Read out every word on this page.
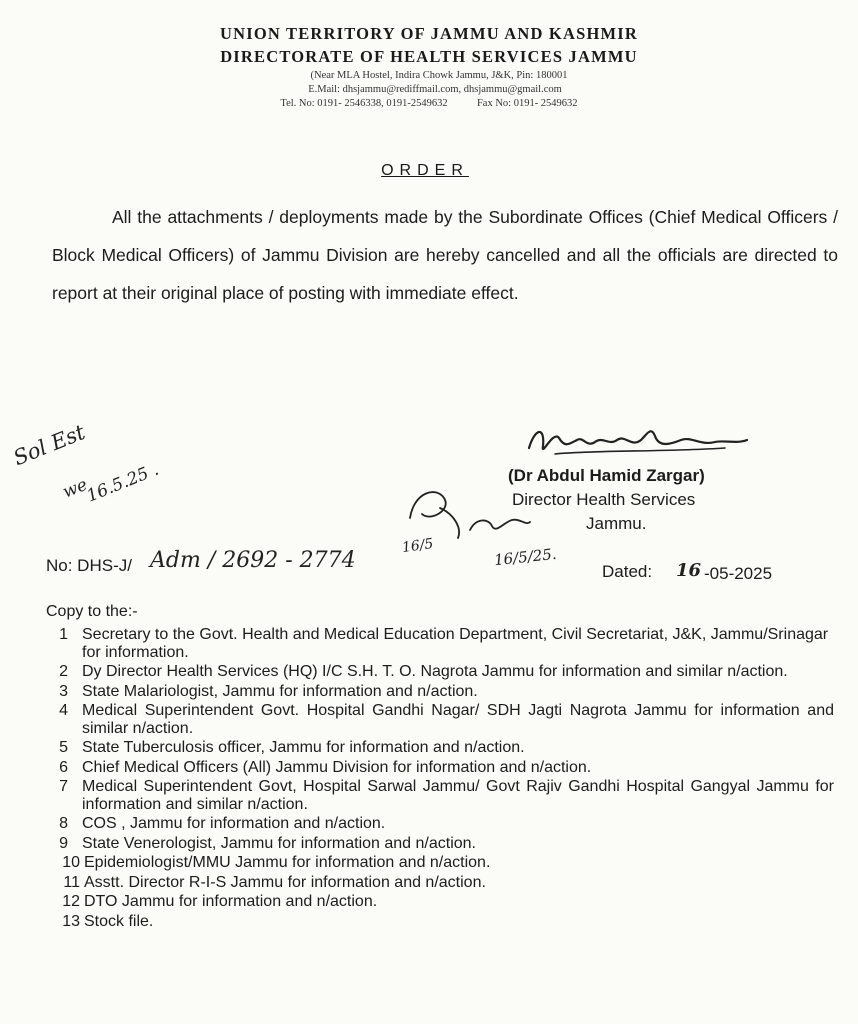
UNION TERRITORY OF JAMMU AND KASHMIR
DIRECTORATE OF HEALTH SERVICES JAMMU
(Near MLA Hostel, Indira Chowk Jammu, J&K, Pin: 180001
E.Mail: dhsjammu@rediffmail.com, dhsjammu@gmail.com
Tel. No: 0191- 2546338, 0191-2549632	Fax No: 0191- 2549632
ORDER
All the attachments / deployments made by the Subordinate Offices (Chief Medical Officers / Block Medical Officers) of Jammu Division are hereby cancelled and all the officials are directed to report at their original place of posting with immediate effect.
Sol Est
we
16.5.25 .	(Dr Abdul Hamid Zargar)
Director Health Services
Jammu.
16/5	16/5/25.
No: DHS-J/ Adm / 2692 - 2774	Dated: 16 -05-2025
Copy to the:-
1 Secretary to the Govt. Health and Medical Education Department, Civil Secretariat, J&K, Jammu/Srinagar for information.
2 Dy Director Health Services (HQ) I/C S.H. T. O. Nagrota Jammu for information and similar n/action.
3 State Malariologist, Jammu for information and n/action.
4 Medical Superintendent Govt. Hospital Gandhi Nagar/ SDH Jagti Nagrota Jammu for information and similar n/action.
5 State Tuberculosis officer, Jammu for information and n/action.
6 Chief Medical Officers (All) Jammu Division for information and n/action.
7 Medical Superintendent Govt, Hospital Sarwal Jammu/ Govt Rajiv Gandhi Hospital Gangyal Jammu for information and similar n/action.
8 COS , Jammu for information and n/action.
9 State Venerologist, Jammu for information and n/action.
10 Epidemiologist/MMU Jammu for information and n/action.
11 Asstt. Director R-I-S Jammu for information and n/action.
12 DTO Jammu for information and n/action.
13 Stock file.
